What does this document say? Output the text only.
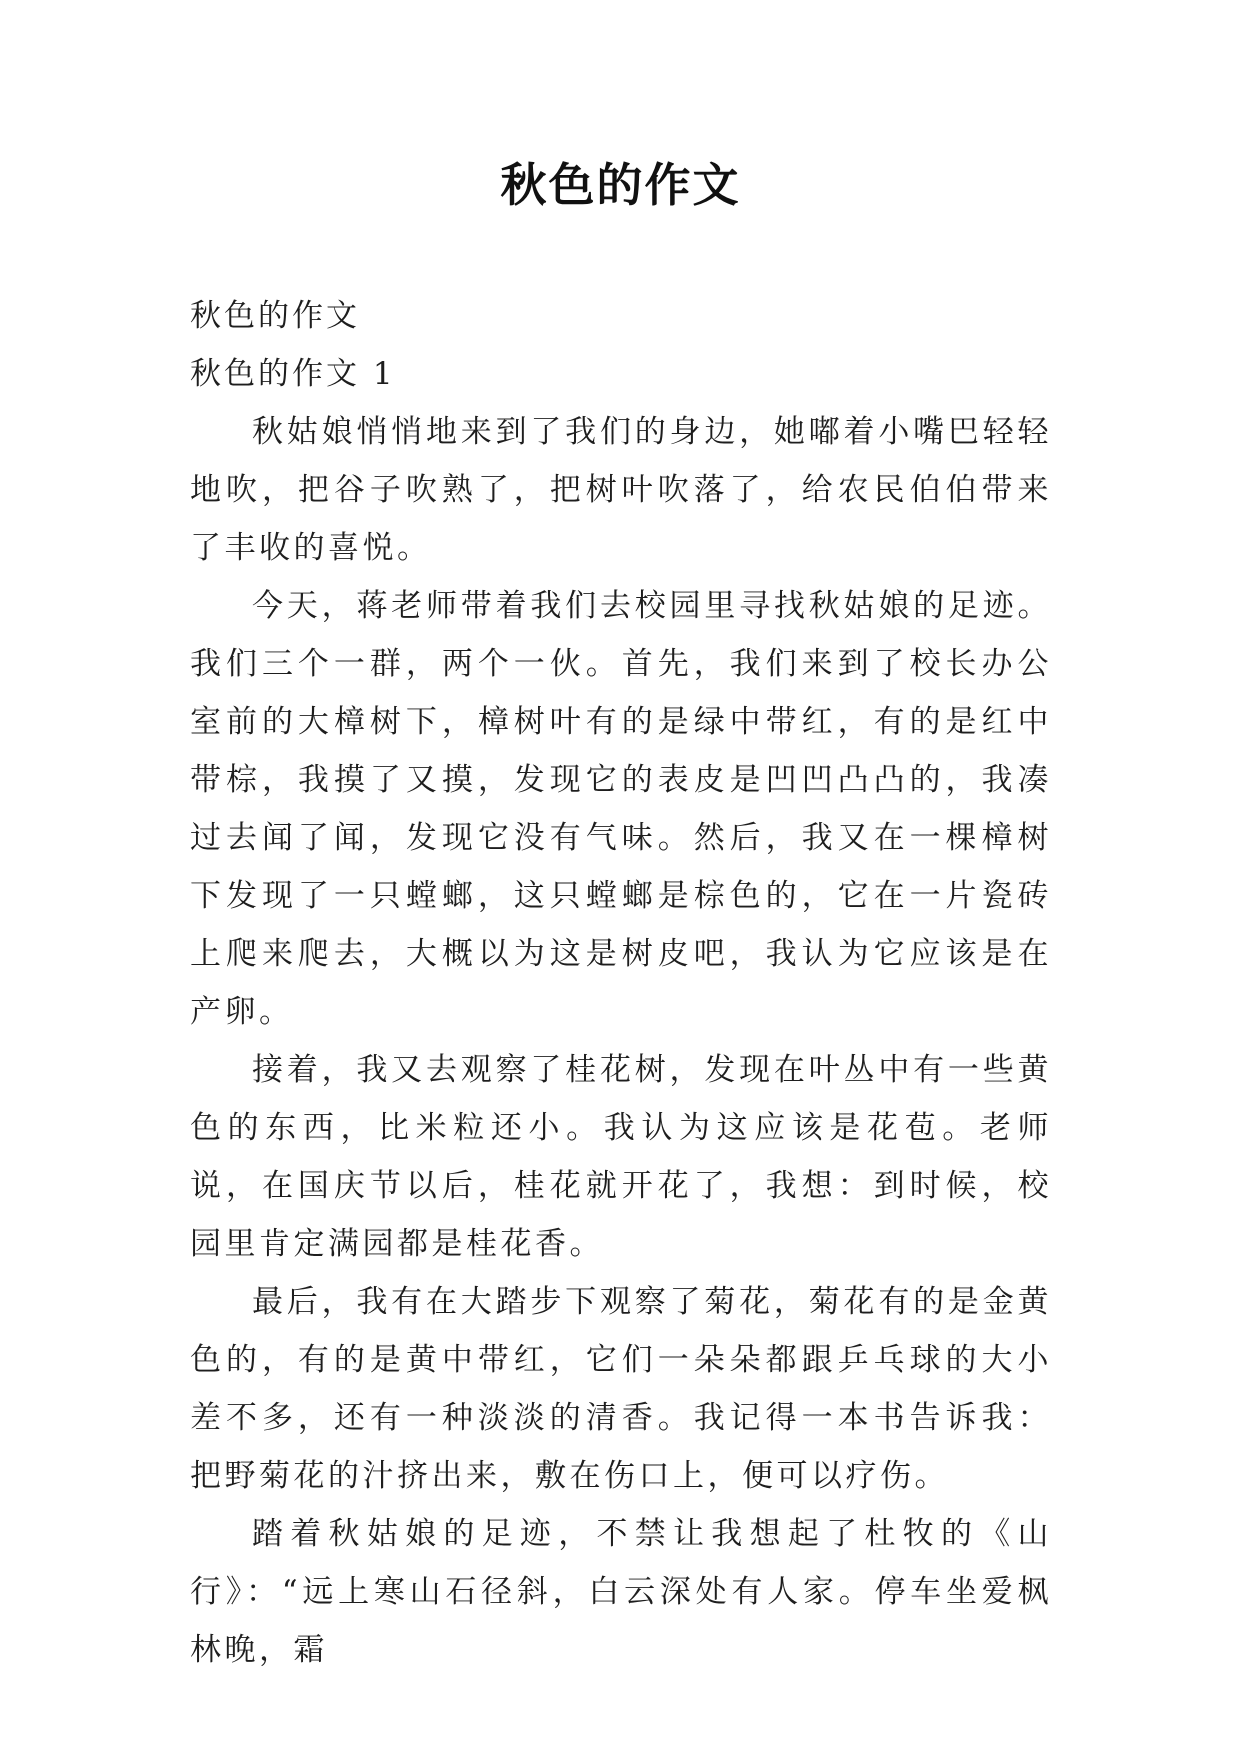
秋色的作文

秋色的作文

秋色的作文 1

秋姑娘悄悄地来到了我们的身边，她嘟着小嘴巴轻轻地吹，把谷子吹熟了，把树叶吹落了，给农民伯伯带来了丰收的喜悦。

今天，蒋老师带着我们去校园里寻找秋姑娘的足迹。我们三个一群，两个一伙。首先，我们来到了校长办公室前的大樟树下，樟树叶有的是绿中带红，有的是红中带棕，我摸了又摸，发现它的表皮是凹凹凸凸的，我凑过去闻了闻，发现它没有气味。然后，我又在一棵樟树下发现了一只螳螂，这只螳螂是棕色的，它在一片瓷砖上爬来爬去，大概以为这是树皮吧，我认为它应该是在产卵。

接着，我又去观察了桂花树，发现在叶丛中有一些黄色的东西，比米粒还小。我认为这应该是花苞。老师说，在国庆节以后，桂花就开花了，我想：到时候，校园里肯定满园都是桂花香。

最后，我有在大踏步下观察了菊花，菊花有的是金黄色的，有的是黄中带红，它们一朵朵都跟乒乓球的大小差不多，还有一种淡淡的清香。我记得一本书告诉我：把野菊花的汁挤出来，敷在伤口上，便可以疗伤。

踏着秋姑娘的足迹，不禁让我想起了杜牧的《山行》：“远上寒山石径斜，白云深处有人家。停车坐爱枫林晚，霜
